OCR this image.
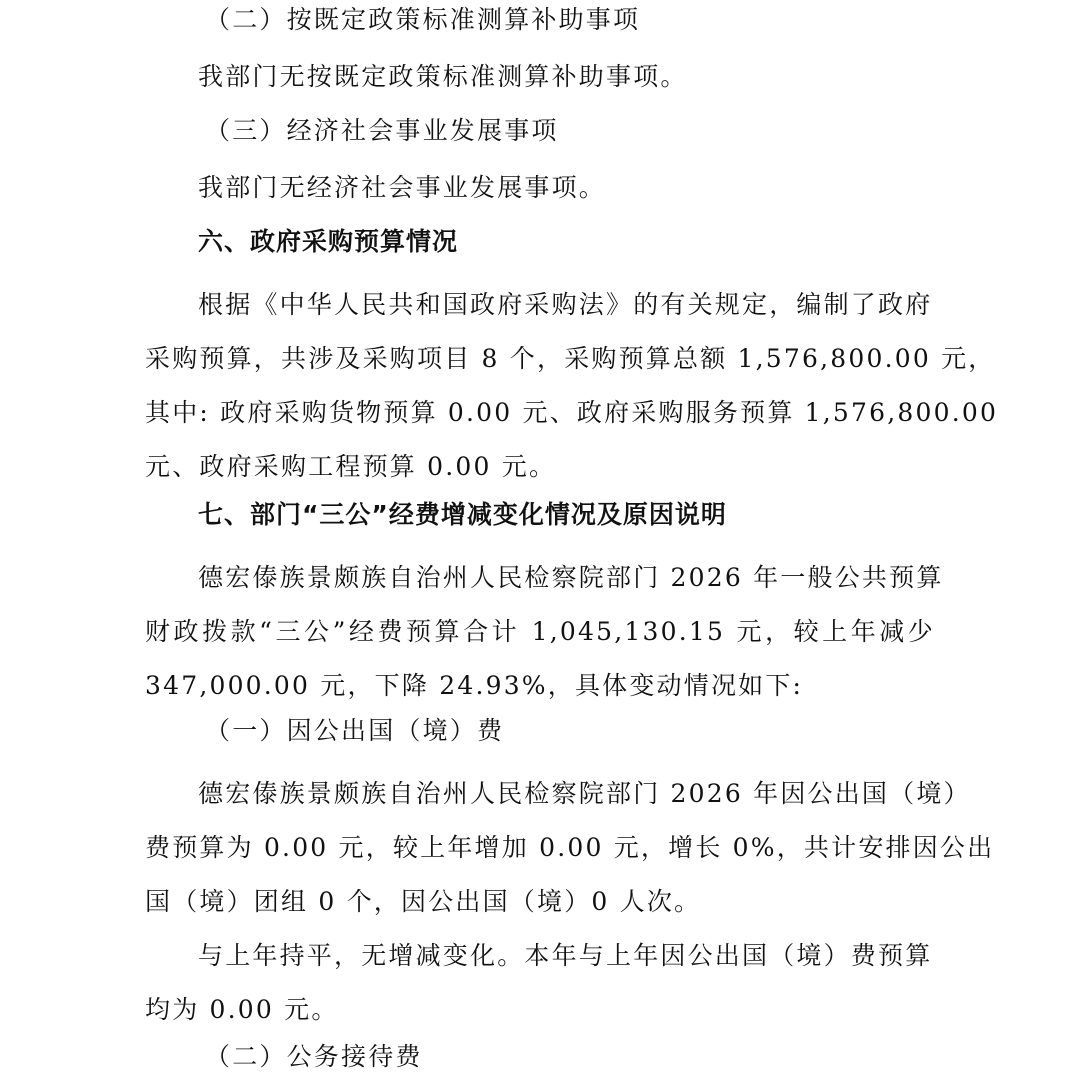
（二）按既定政策标准测算补助事项
我部门无按既定政策标准测算补助事项。
（三）经济社会事业发展事项
我部门无经济社会事业发展事项。
六、政府采购预算情况
根据《中华人民共和国政府采购法》的有关规定，编制了政府
采购预算，共涉及采购项目 8 个，采购预算总额 1,576,800.00 元，
其中: 政府采购货物预算 0.00 元、政府采购服务预算 1,576,800.00
元、政府采购工程预算 0.00 元。
七、部门“三公”经费增减变化情况及原因说明
德宏傣族景颇族自治州人民检察院部门 2026 年一般公共预算
财政拨款“三公”经费预算合计 1,045,130.15 元，较上年减少
347,000.00 元，下降 24.93%，具体变动情况如下:
（一）因公出国（境）费
德宏傣族景颇族自治州人民检察院部门 2026 年因公出国（境）
费预算为 0.00 元，较上年增加 0.00 元，增长 0%，共计安排因公出
国（境）团组 0 个，因公出国（境）0 人次。
与上年持平，无增减变化。本年与上年因公出国（境）费预算
均为 0.00 元。
（二）公务接待费
